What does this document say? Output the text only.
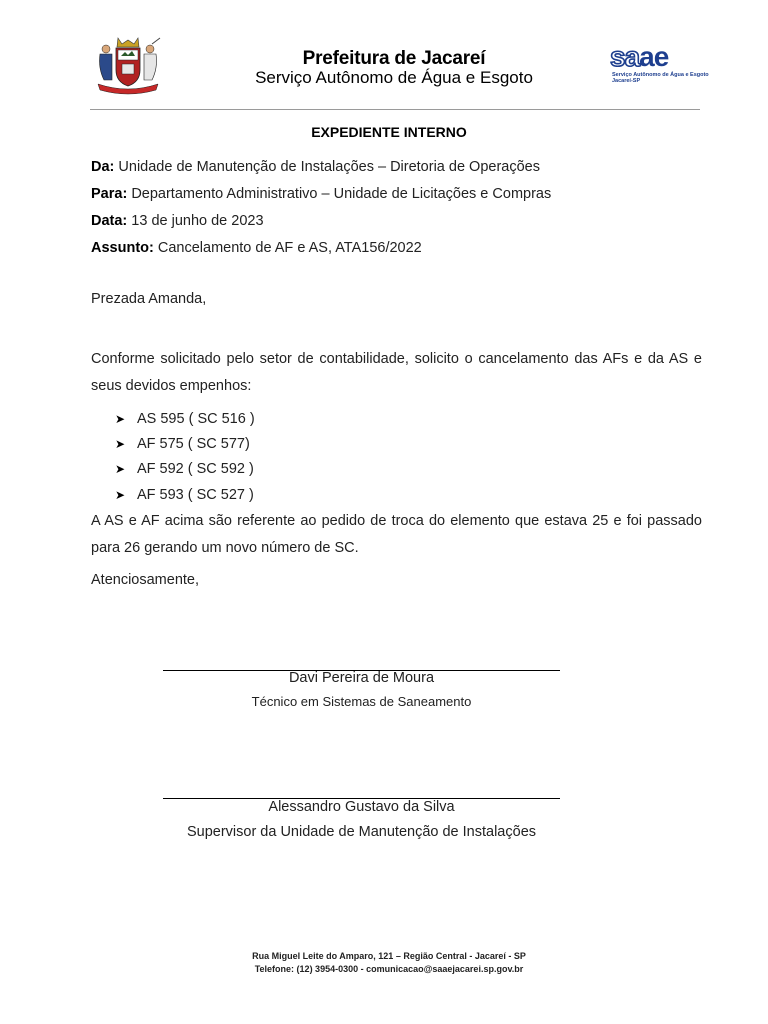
Prefeitura de Jacareí
Serviço Autônomo de Água e Esgoto
saae
Serviço Autônomo de Água e Esgoto
Jacareí-SP
EXPEDIENTE INTERNO
Da: Unidade de Manutenção de Instalações – Diretoria de Operações
Para: Departamento Administrativo – Unidade de Licitações e Compras
Data: 13 de junho de 2023
Assunto: Cancelamento de AF e AS, ATA156/2022
Prezada Amanda,
Conforme solicitado pelo setor de contabilidade, solicito o cancelamento das AFs e da AS e seus devidos empenhos:
➤ AS 595 ( SC 516 )
➤ AF 575 ( SC 577)
➤ AF 592 ( SC 592 )
➤ AF 593 ( SC 527 )
A AS e AF acima são referente ao pedido de troca do elemento que estava 25 e foi passado para 26 gerando um novo número de SC.
Atenciosamente,
Davi Pereira de Moura
Técnico em Sistemas de Saneamento
Alessandro Gustavo da Silva
Supervisor da Unidade de Manutenção de Instalações
Rua Miguel Leite do Amparo, 121 – Região Central - Jacareí - SP
Telefone: (12) 3954-0300 - comunicacao@saaejacarei.sp.gov.br
